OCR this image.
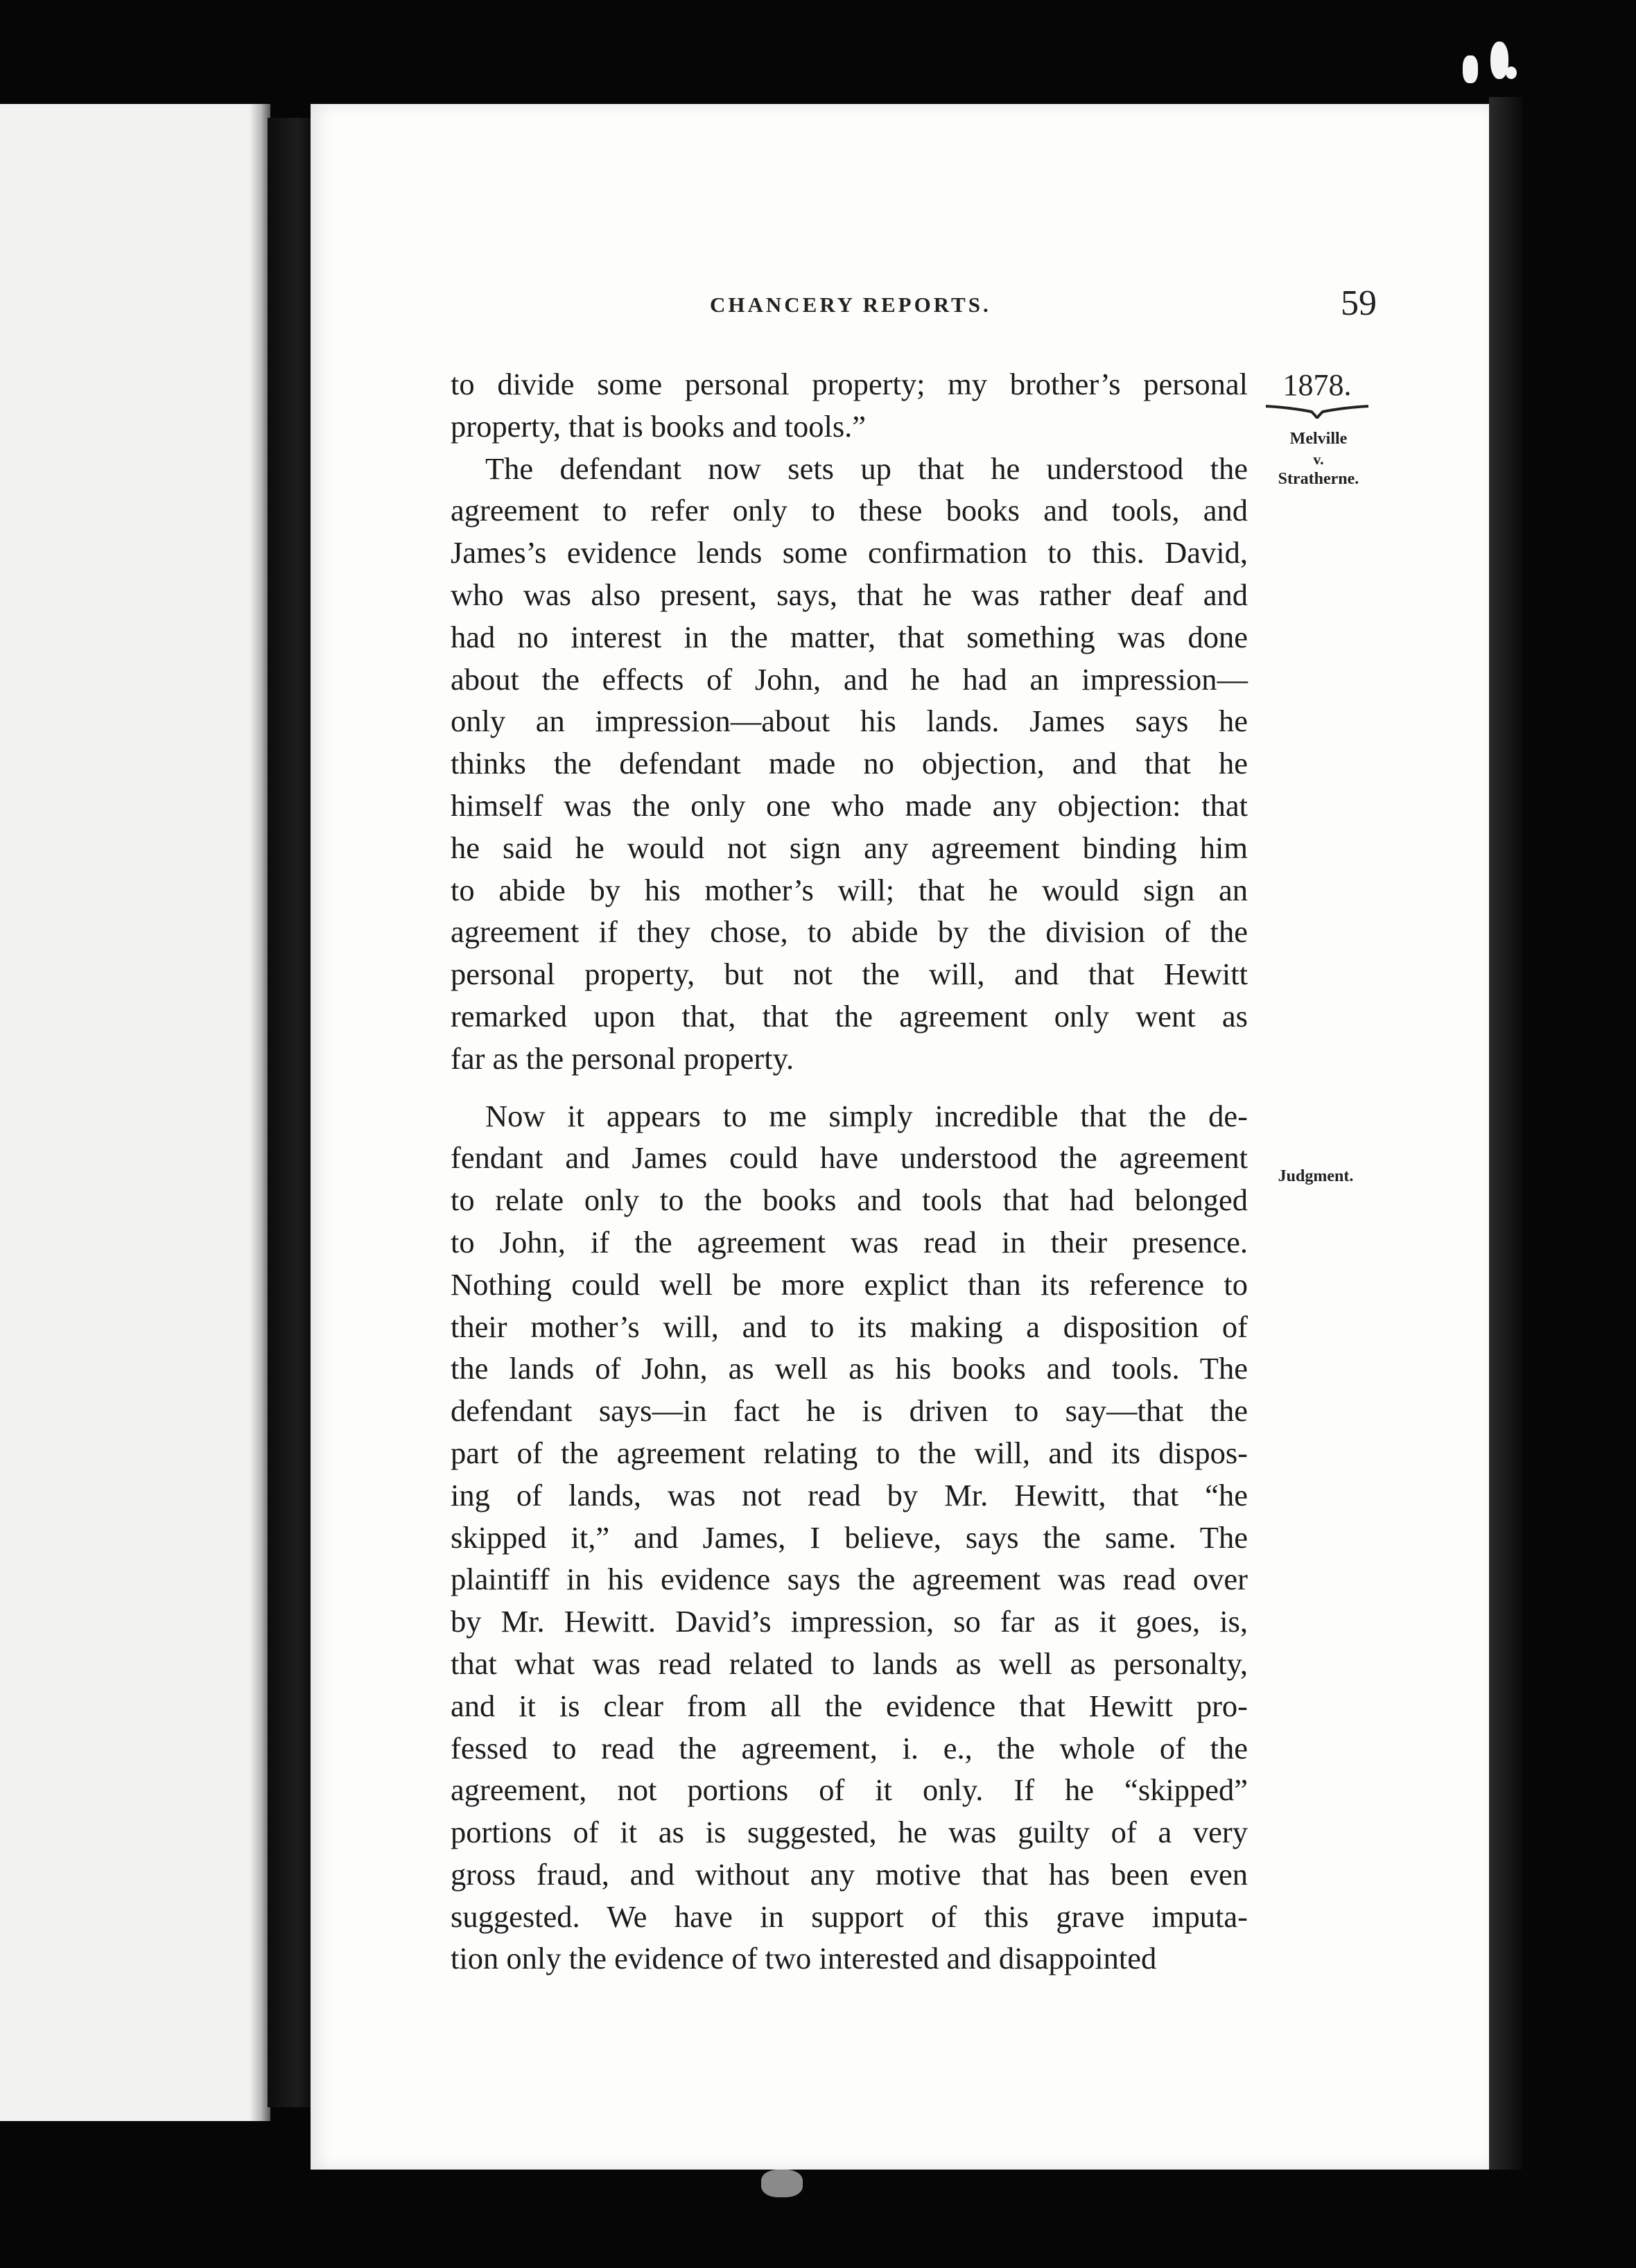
CHANCERY REPORTS.	59
1878.
Melville
v.
Stratherne.
Judgment.

to divide some personal property; my brother’s personal

property, that is books and tools.”

The defendant now sets up that he understood the

agreement to refer only to these books and tools, and

James’s evidence lends some confirmation to this. David,

who was also present, says, that he was rather deaf and

had no interest in the matter, that something was done

about the effects of John, and he had an impression—

only an impression—about his lands. James says he

thinks the defendant made no objection, and that he

himself was the only one who made any objection: that

he said he would not sign any agreement binding him

to abide by his mother’s will; that he would sign an

agreement if they chose, to abide by the division of the

personal property, but not the will, and that Hewitt

remarked upon that, that the agreement only went as

far as the personal property.

Now it appears to me simply incredible that the de-

fendant and James could have understood the agreement

to relate only to the books and tools that had belonged

to John, if the agreement was read in their presence.

Nothing could well be more explict than its reference to

their mother’s will, and to its making a disposition of

the lands of John, as well as his books and tools. The

defendant says—in fact he is driven to say—that the

part of the agreement relating to the will, and its dispos-

ing of lands, was not read by Mr. Hewitt, that “he

skipped it,” and James, I believe, says the same. The

plaintiff in his evidence says the agreement was read over

by Mr. Hewitt. David’s impression, so far as it goes, is,

that what was read related to lands as well as personalty,

and it is clear from all the evidence that Hewitt pro-

fessed to read the agreement, i. e., the whole of the

agreement, not portions of it only. If he “skipped”

portions of it as is suggested, he was guilty of a very

gross fraud, and without any motive that has been even

suggested. We have in support of this grave imputa-

tion only the evidence of two interested and disappointed
